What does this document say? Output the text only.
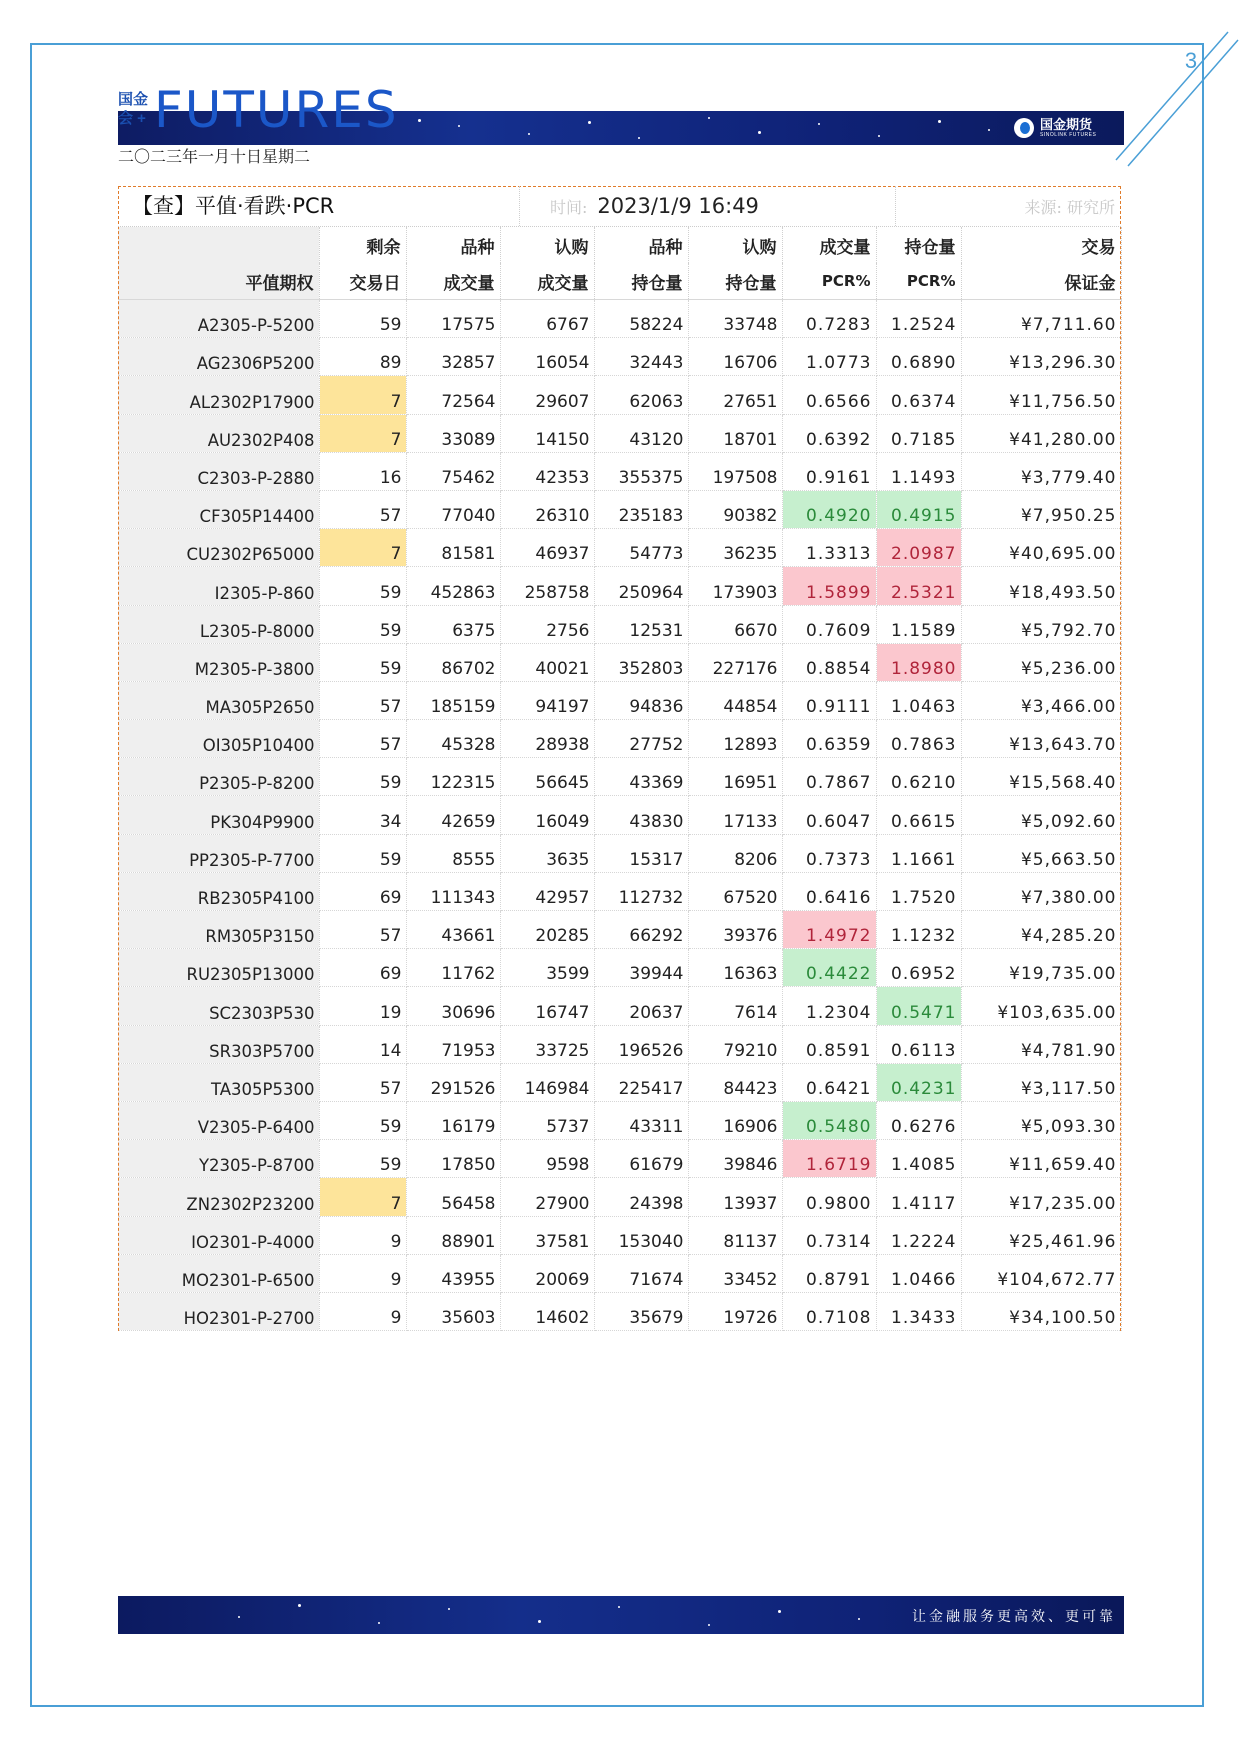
3
国金
会 + FUTURES	国金期货
SINOLINK FUTURES
二〇二三年一月十日星期二
【查】平值·看跌·PCR	时间: 2023/1/9 16:49	来源: 研究所
	剩余	品种	认购	品种	认购	成交量	持仓量	交易
平值期权	交易日	成交量	成交量	持仓量	持仓量	PCR%	PCR%	保证金
A2305-P-5200	59	17575	6767	58224	33748	0.7283	1.2524	¥7,711.60
AG2306P5200	89	32857	16054	32443	16706	1.0773	0.6890	¥13,296.30
AL2302P17900	7	72564	29607	62063	27651	0.6566	0.6374	¥11,756.50
AU2302P408	7	33089	14150	43120	18701	0.6392	0.7185	¥41,280.00
C2303-P-2880	16	75462	42353	355375	197508	0.9161	1.1493	¥3,779.40
CF305P14400	57	77040	26310	235183	90382	0.4920	0.4915	¥7,950.25
CU2302P65000	7	81581	46937	54773	36235	1.3313	2.0987	¥40,695.00
I2305-P-860	59	452863	258758	250964	173903	1.5899	2.5321	¥18,493.50
L2305-P-8000	59	6375	2756	12531	6670	0.7609	1.1589	¥5,792.70
M2305-P-3800	59	86702	40021	352803	227176	0.8854	1.8980	¥5,236.00
MA305P2650	57	185159	94197	94836	44854	0.9111	1.0463	¥3,466.00
OI305P10400	57	45328	28938	27752	12893	0.6359	0.7863	¥13,643.70
P2305-P-8200	59	122315	56645	43369	16951	0.7867	0.6210	¥15,568.40
PK304P9900	34	42659	16049	43830	17133	0.6047	0.6615	¥5,092.60
PP2305-P-7700	59	8555	3635	15317	8206	0.7373	1.1661	¥5,663.50
RB2305P4100	69	111343	42957	112732	67520	0.6416	1.7520	¥7,380.00
RM305P3150	57	43661	20285	66292	39376	1.4972	1.1232	¥4,285.20
RU2305P13000	69	11762	3599	39944	16363	0.4422	0.6952	¥19,735.00
SC2303P530	19	30696	16747	20637	7614	1.2304	0.5471	¥103,635.00
SR303P5700	14	71953	33725	196526	79210	0.8591	0.6113	¥4,781.90
TA305P5300	57	291526	146984	225417	84423	0.6421	0.4231	¥3,117.50
V2305-P-6400	59	16179	5737	43311	16906	0.5480	0.6276	¥5,093.30
Y2305-P-8700	59	17850	9598	61679	39846	1.6719	1.4085	¥11,659.40
ZN2302P23200	7	56458	27900	24398	13937	0.9800	1.4117	¥17,235.00
IO2301-P-4000	9	88901	37581	153040	81137	0.7314	1.2224	¥25,461.96
MO2301-P-6500	9	43955	20069	71674	33452	0.8791	1.0466	¥104,672.77
HO2301-P-2700	9	35603	14602	35679	19726	0.7108	1.3433	¥34,100.50
让金融服务更高效、更可靠
